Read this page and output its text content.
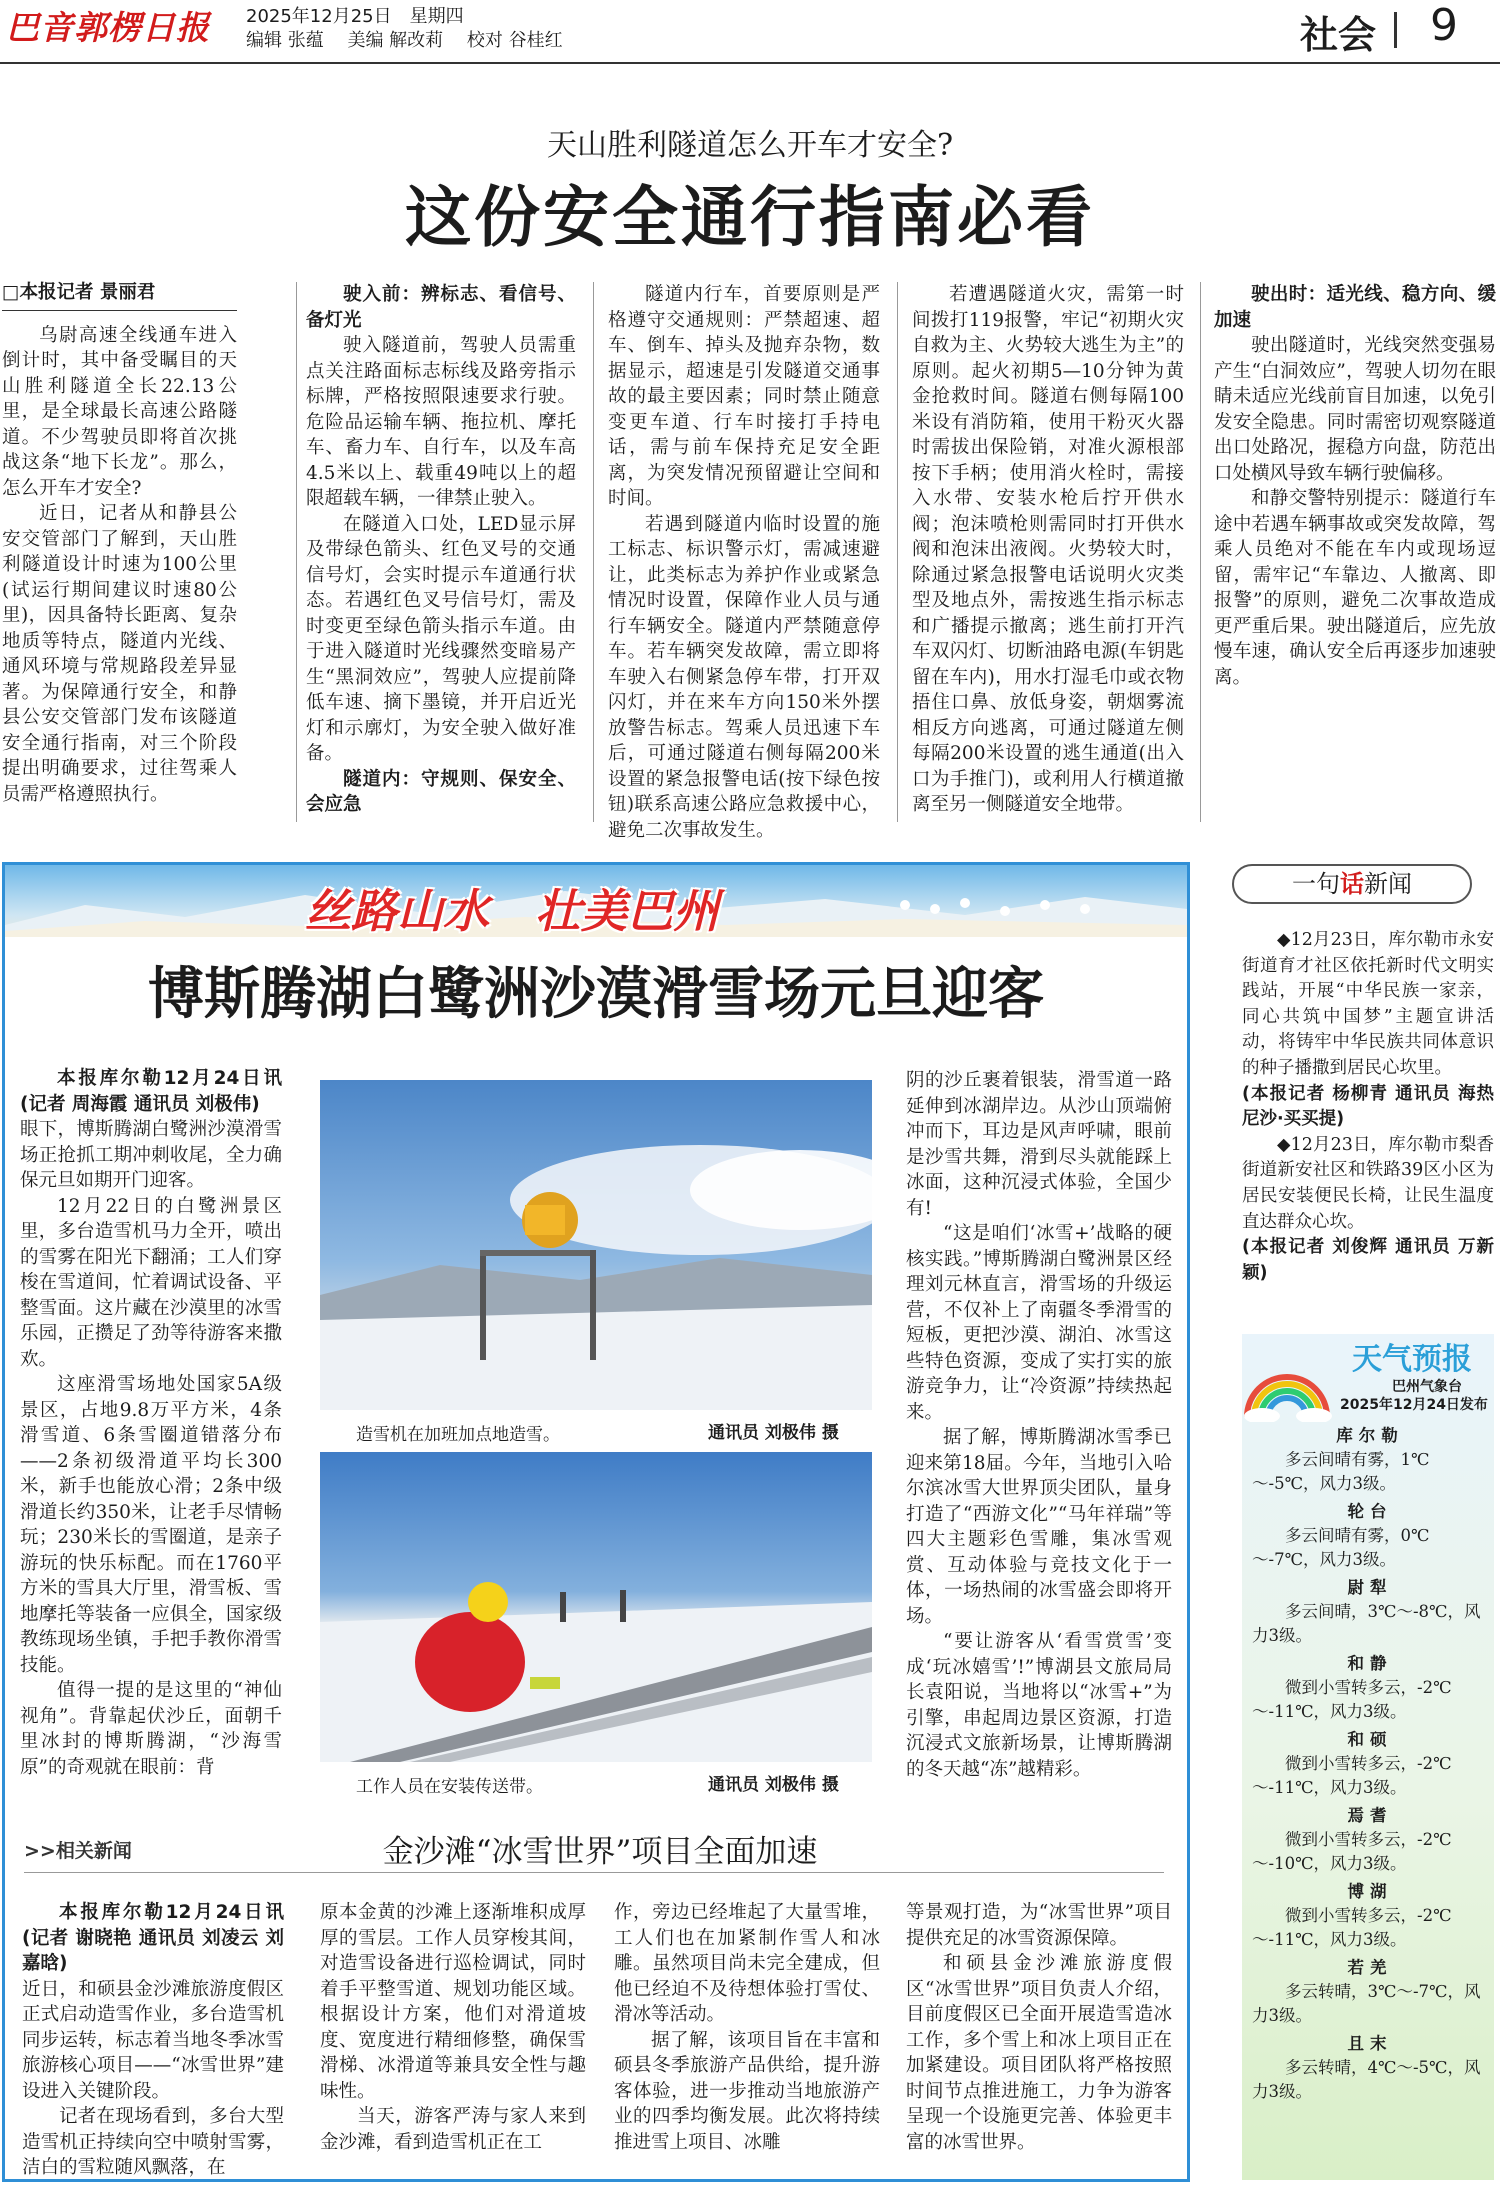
巴音郭楞日报 2025年12月25日　星期四
编辑 张蕴　 美编 解改莉　 校对 谷桂红	社会 9
天山胜利隧道怎么开车才安全?
这份安全通行指南必看
□本报记者 景丽君

乌尉高速全线通车进入倒计时，其中备受瞩目的天山胜利隧道全长22.13公里，是全球最长高速公路隧道。不少驾驶员即将首次挑战这条“地下长龙”。那么，怎么开车才安全?

近日，记者从和静县公安交管部门了解到，天山胜利隧道设计时速为100公里(试运行期间建议时速80公里)，因具备特长距离、复杂地质等特点，隧道内光线、通风环境与常规路段差异显著。为保障通行安全，和静县公安交管部门发布该隧道安全通行指南，对三个阶段提出明确要求，过往驾乘人员需严格遵照执行。

驶入前：辨标志、看信号、备灯光

驶入隧道前，驾驶人员需重点关注路面标志标线及路旁指示标牌，严格按照限速要求行驶。危险品运输车辆、拖拉机、摩托车、畜力车、自行车，以及车高4.5米以上、载重49吨以上的超限超载车辆，一律禁止驶入。

在隧道入口处，LED显示屏及带绿色箭头、红色叉号的交通信号灯，会实时提示车道通行状态。若遇红色叉号信号灯，需及时变更至绿色箭头指示车道。由于进入隧道时光线骤然变暗易产生“黑洞效应”，驾驶人应提前降低车速、摘下墨镜，并开启近光灯和示廓灯，为安全驶入做好准备。

隧道内：守规则、保安全、会应急

隧道内行车，首要原则是严格遵守交通规则：严禁超速、超车、倒车、掉头及抛弃杂物，数据显示，超速是引发隧道交通事故的最主要因素；同时禁止随意变更车道、行车时接打手持电话，需与前车保持充足安全距离，为突发情况预留避让空间和时间。

若遇到隧道内临时设置的施工标志、标识警示灯，需减速避让，此类标志为养护作业或紧急情况时设置，保障作业人员与通行车辆安全。隧道内严禁随意停车。若车辆突发故障，需立即将车驶入右侧紧急停车带，打开双闪灯，并在来车方向150米外摆放警告标志。驾乘人员迅速下车后，可通过隧道右侧每隔200米设置的紧急报警电话(按下绿色按钮)联系高速公路应急救援中心，避免二次事故发生。

若遭遇隧道火灾，需第一时间拨打119报警，牢记“初期火灾自救为主、火势较大逃生为主”的原则。起火初期5—10分钟为黄金抢救时间。隧道右侧每隔100米设有消防箱，使用干粉灭火器时需拔出保险销，对准火源根部按下手柄；使用消火栓时，需接入水带、安装水枪后拧开供水阀；泡沫喷枪则需同时打开供水阀和泡沫出液阀。火势较大时，除通过紧急报警电话说明火灾类型及地点外，需按逃生指示标志和广播提示撤离；逃生前打开汽车双闪灯、切断油路电源(车钥匙留在车内)，用水打湿毛巾或衣物捂住口鼻、放低身姿，朝烟雾流相反方向逃离，可通过隧道左侧每隔200米设置的逃生通道(出入口为手推门)，或利用人行横道撤离至另一侧隧道安全地带。

驶出时：适光线、稳方向、缓加速

驶出隧道时，光线突然变强易产生“白洞效应”，驾驶人切勿在眼睛未适应光线前盲目加速，以免引发安全隐患。同时需密切观察隧道出口处路况，握稳方向盘，防范出口处横风导致车辆行驶偏移。

和静交警特别提示：隧道行车途中若遇车辆事故或突发故障，驾乘人员绝对不能在车内或现场逗留，需牢记“车靠边、人撤离、即报警”的原则，避免二次事故造成更严重后果。驶出隧道后，应先放慢车速，确认安全后再逐步加速驶离。

丝路山水　壮美巴州
博斯腾湖白鹭洲沙漠滑雪场元旦迎客

本报库尔勒12月24日讯(记者 周海霞 通讯员 刘极伟)

眼下，博斯腾湖白鹭洲沙漠滑雪场正抢抓工期冲刺收尾，全力确保元旦如期开门迎客。

12月22日的白鹭洲景区里，多台造雪机马力全开，喷出的雪雾在阳光下翻涌；工人们穿梭在雪道间，忙着调试设备、平整雪面。这片藏在沙漠里的冰雪乐园，正攒足了劲等待游客来撒欢。

这座滑雪场地处国家5A级景区，占地9.8万平方米，4条滑雪道、6条雪圈道错落分布——2条初级滑道平均长300米，新手也能放心滑；2条中级滑道长约350米，让老手尽情畅玩；230米长的雪圈道，是亲子游玩的快乐标配。而在1760平方米的雪具大厅里，滑雪板、雪地摩托等装备一应俱全，国家级教练现场坐镇，手把手教你滑雪技能。

值得一提的是这里的“神仙视角”。背靠起伏沙丘，面朝千里冰封的博斯腾湖，“沙海雪原”的奇观就在眼前：背

造雪机在加班加点地造雪。	通讯员 刘极伟 摄
工作人员在安装传送带。	通讯员 刘极伟 摄

阴的沙丘裹着银装，滑雪道一路延伸到冰湖岸边。从沙山顶端俯冲而下，耳边是风声呼啸，眼前是沙雪共舞，滑到尽头就能踩上冰面，这种沉浸式体验，全国少有!

“这是咱们‘冰雪+’战略的硬核实践。”博斯腾湖白鹭洲景区经理刘元林直言，滑雪场的升级运营，不仅补上了南疆冬季滑雪的短板，更把沙漠、湖泊、冰雪这些特色资源，变成了实打实的旅游竞争力，让“冷资源”持续热起来。

据了解，博斯腾湖冰雪季已迎来第18届。今年，当地引入哈尔滨冰雪大世界顶尖团队，量身打造了“西游文化”“马年祥瑞”等四大主题彩色雪雕，集冰雪观赏、互动体验与竞技文化于一体，一场热闹的冰雪盛会即将开场。

“要让游客从‘看雪赏雪’变成‘玩冰嬉雪’!”博湖县文旅局局长袁阳说，当地将以“冰雪+”为引擎，串起周边景区资源，打造沉浸式文旅新场景，让博斯腾湖的冬天越“冻”越精彩。

>>相关新闻	金沙滩“冰雪世界”项目全面加速

本报库尔勒12月24日讯(记者 谢晓艳 通讯员 刘凌云 刘嘉晗)

近日，和硕县金沙滩旅游度假区正式启动造雪作业，多台造雪机同步运转，标志着当地冬季冰雪旅游核心项目——“冰雪世界”建设进入关键阶段。

记者在现场看到，多台大型造雪机正持续向空中喷射雪雾，洁白的雪粒随风飘落，在

原本金黄的沙滩上逐渐堆积成厚厚的雪层。工作人员穿梭其间，对造雪设备进行巡检调试，同时着手平整雪道、规划功能区域。根据设计方案，他们对滑道坡度、宽度进行精细修整，确保雪滑梯、冰滑道等兼具安全性与趣味性。

当天，游客严涛与家人来到金沙滩，看到造雪机正在工

作，旁边已经堆起了大量雪堆，工人们也在加紧制作雪人和冰雕。虽然项目尚未完全建成，但他已经迫不及待想体验打雪仗、滑冰等活动。

据了解，该项目旨在丰富和硕县冬季旅游产品供给，提升游客体验，进一步推动当地旅游产业的四季均衡发展。此次将持续推进雪上项目、冰雕

等景观打造，为“冰雪世界”项目提供充足的冰雪资源保障。

和硕县金沙滩旅游度假区“冰雪世界”项目负责人介绍，目前度假区已全面开展造雪造冰工作，多个雪上和冰上项目正在加紧建设。项目团队将严格按照时间节点推进施工，力争为游客呈现一个设施更完善、体验更丰富的冰雪世界。

一句话新闻

◆12月23日，库尔勒市永安街道育才社区依托新时代文明实践站，开展“中华民族一家亲，同心共筑中国梦”主题宣讲活动，将铸牢中华民族共同体意识的种子播撒到居民心坎里。

(本报记者 杨柳青 通讯员 海热尼沙·买买提)

◆12月23日，库尔勒市梨香街道新安社区和铁路39区小区为居民安装便民长椅，让民生温度直达群众心坎。

(本报记者 刘俊辉 通讯员 万新颖)

天气预报
巴州气象台
2025年12月24日发布
库尔勒
多云间晴有雾，1℃～-5℃，风力3级。
轮台
多云间晴有雾，0℃～-7℃，风力3级。
尉犁
多云间晴，3℃～-8℃，风力3级。
和静
微到小雪转多云，-2℃～-11℃，风力3级。
和硕
微到小雪转多云，-2℃～-11℃，风力3级。
焉耆
微到小雪转多云，-2℃～-10℃，风力3级。
博湖
微到小雪转多云，-2℃～-11℃，风力3级。
若羌
多云转晴，3℃～-7℃，风力3级。
且末
多云转晴，4℃～-5℃，风力3级。
